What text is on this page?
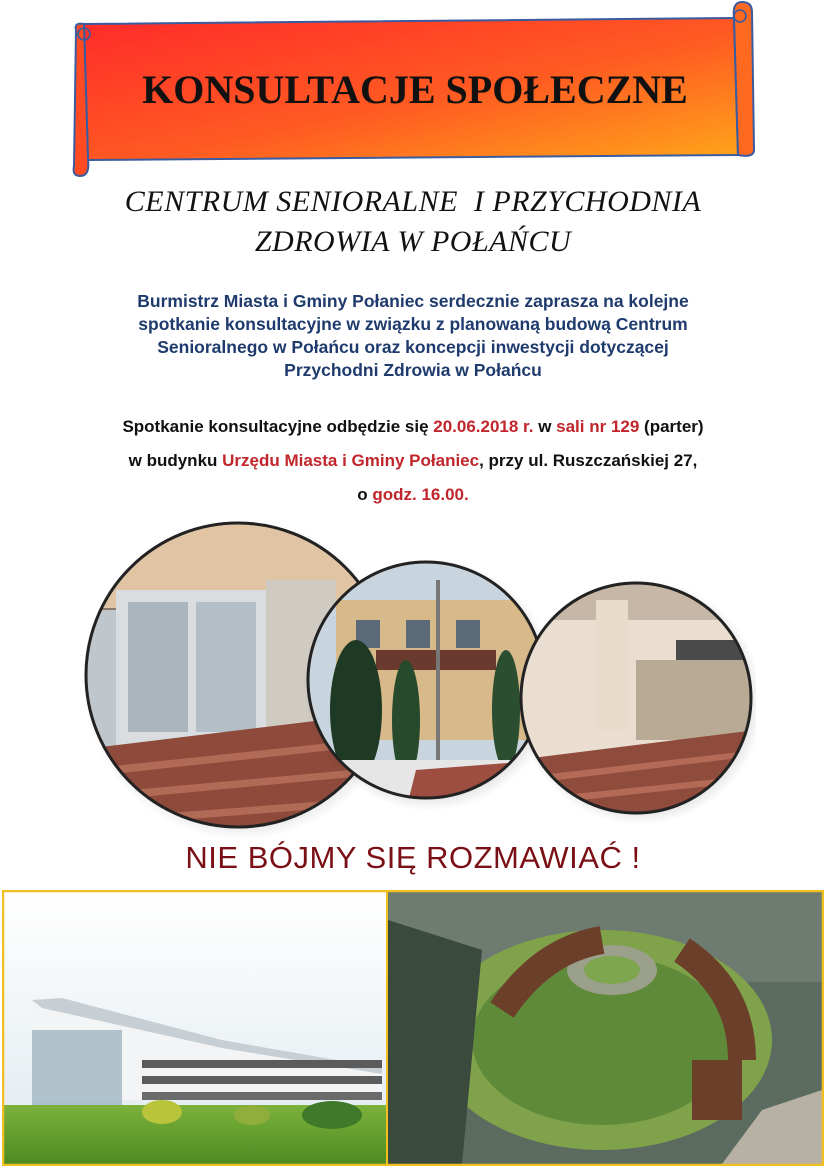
KONSULTACJE SPOŁECZNE
CENTRUM SENIORALNE  I PRZYCHODNIA
ZDROWIA W POŁAŃCU
Burmistrz Miasta i Gminy Połaniec serdecznie zaprasza na kolejne
spotkanie konsultacyjne w związku z planowaną budową Centrum
Senioralnego w Połańcu oraz koncepcji inwestycji dotyczącej
Przychodni Zdrowia w Połańcu
Spotkanie konsultacyjne odbędzie się 20.06.2018 r. w sali nr 129 (parter)
w budynku Urzędu Miasta i Gminy Połaniec, przy ul. Ruszczańskiej 27,
o godz. 16.00.
NIE BÓJMY SIĘ ROZMAWIAĆ !
